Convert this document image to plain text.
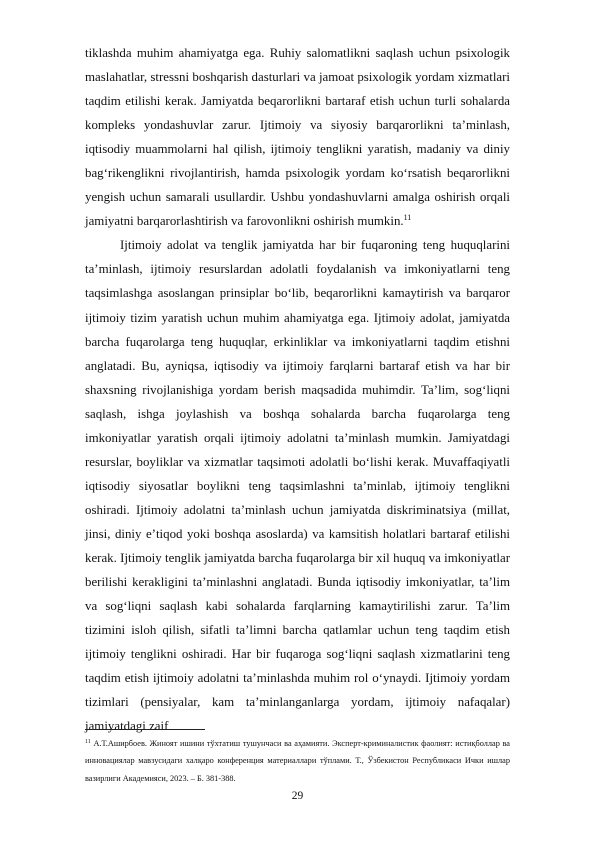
tiklashda muhim ahamiyatga ega. Ruhiy salomatlikni saqlash uchun psixologik maslahatlar, stressni boshqarish dasturlari va jamoat psixologik yordam xizmatlari taqdim etilishi kerak. Jamiyatda beqarorlikni bartaraf etish uchun turli sohalarda kompleks yondashuvlar zarur. Ijtimoiy va siyosiy barqarorlikni taʼminlash, iqtisodiy muammolarni hal qilish, ijtimoiy tenglikni yaratish, madaniy va diniy bagʻrikenglikni rivojlantirish, hamda psixologik yordam koʻrsatish beqarorlikni yengish uchun samarali usullardir. Ushbu yondashuvlarni amalga oshirish orqali jamiyatni barqarorlashtirish va farovonlikni oshirish mumkin.$^{11}$

Ijtimoiy adolat va tenglik jamiyatda har bir fuqaroning teng huquqlarini taʼminlash, ijtimoiy resurslardan adolatli foydalanish va imkoniyatlarni teng taqsimlashga asoslangan prinsiplar boʻlib, beqarorlikni kamaytirish va barqaror ijtimoiy tizim yaratish uchun muhim ahamiyatga ega. Ijtimoiy adolat, jamiyatda barcha fuqarolarga teng huquqlar, erkinliklar va imkoniyatlarni taqdim etishni anglatadi. Bu, ayniqsa, iqtisodiy va ijtimoiy farqlarni bartaraf etish va har bir shaxsning rivojlanishiga yordam berish maqsadida muhimdir. Taʼlim, sogʻliqni saqlash, ishga joylashish va boshqa sohalarda barcha fuqarolarga teng imkoniyatlar yaratish orqali ijtimoiy adolatni taʼminlash mumkin. Jamiyatdagi resurslar, boyliklar va xizmatlar taqsimoti adolatli boʻlishi kerak. Muvaffaqiyatli iqtisodiy siyosatlar boylikni teng taqsimlashni taʼminlab, ijtimoiy tenglikni oshiradi. Ijtimoiy adolatni taʼminlash uchun jamiyatda diskriminatsiya (millat, jinsi, diniy eʼtiqod yoki boshqa asoslarda) va kamsitish holatlari bartaraf etilishi kerak. Ijtimoiy tenglik jamiyatda barcha fuqarolarga bir xil huquq va imkoniyatlar berilishi kerakligini taʼminlashni anglatadi. Bunda iqtisodiy imkoniyatlar, taʼlim va sogʻliqni saqlash kabi sohalarda farqlarning kamaytirilishi zarur. Taʼlim tizimini isloh qilish, sifatli taʼlimni barcha qatlamlar uchun teng taqdim etish ijtimoiy tenglikni oshiradi. Har bir fuqaroga sogʻliqni saqlash xizmatlarini teng taqdim etish ijtimoiy adolatni taʼminlashda muhim rol oʻynaydi. Ijtimoiy yordam tizimlari (pensiyalar, kam taʼminlanganlarga yordam, ijtimoiy nafaqalar) jamiyatdagi zaif

$^{11}$ А.Т.Аширбоев. Жиноят ишини тўхтатиш тушунчаси ва аҳамияти. Эксперт-криминалистик фаолият: истиқболлар ва инновациялар мавзусидаги халқаро конференция материаллари тўплами. Т., Ўзбекистон Республикаси Ички ишлар вазирлиги Академияси, 2023. – Б. 381-388.

29
